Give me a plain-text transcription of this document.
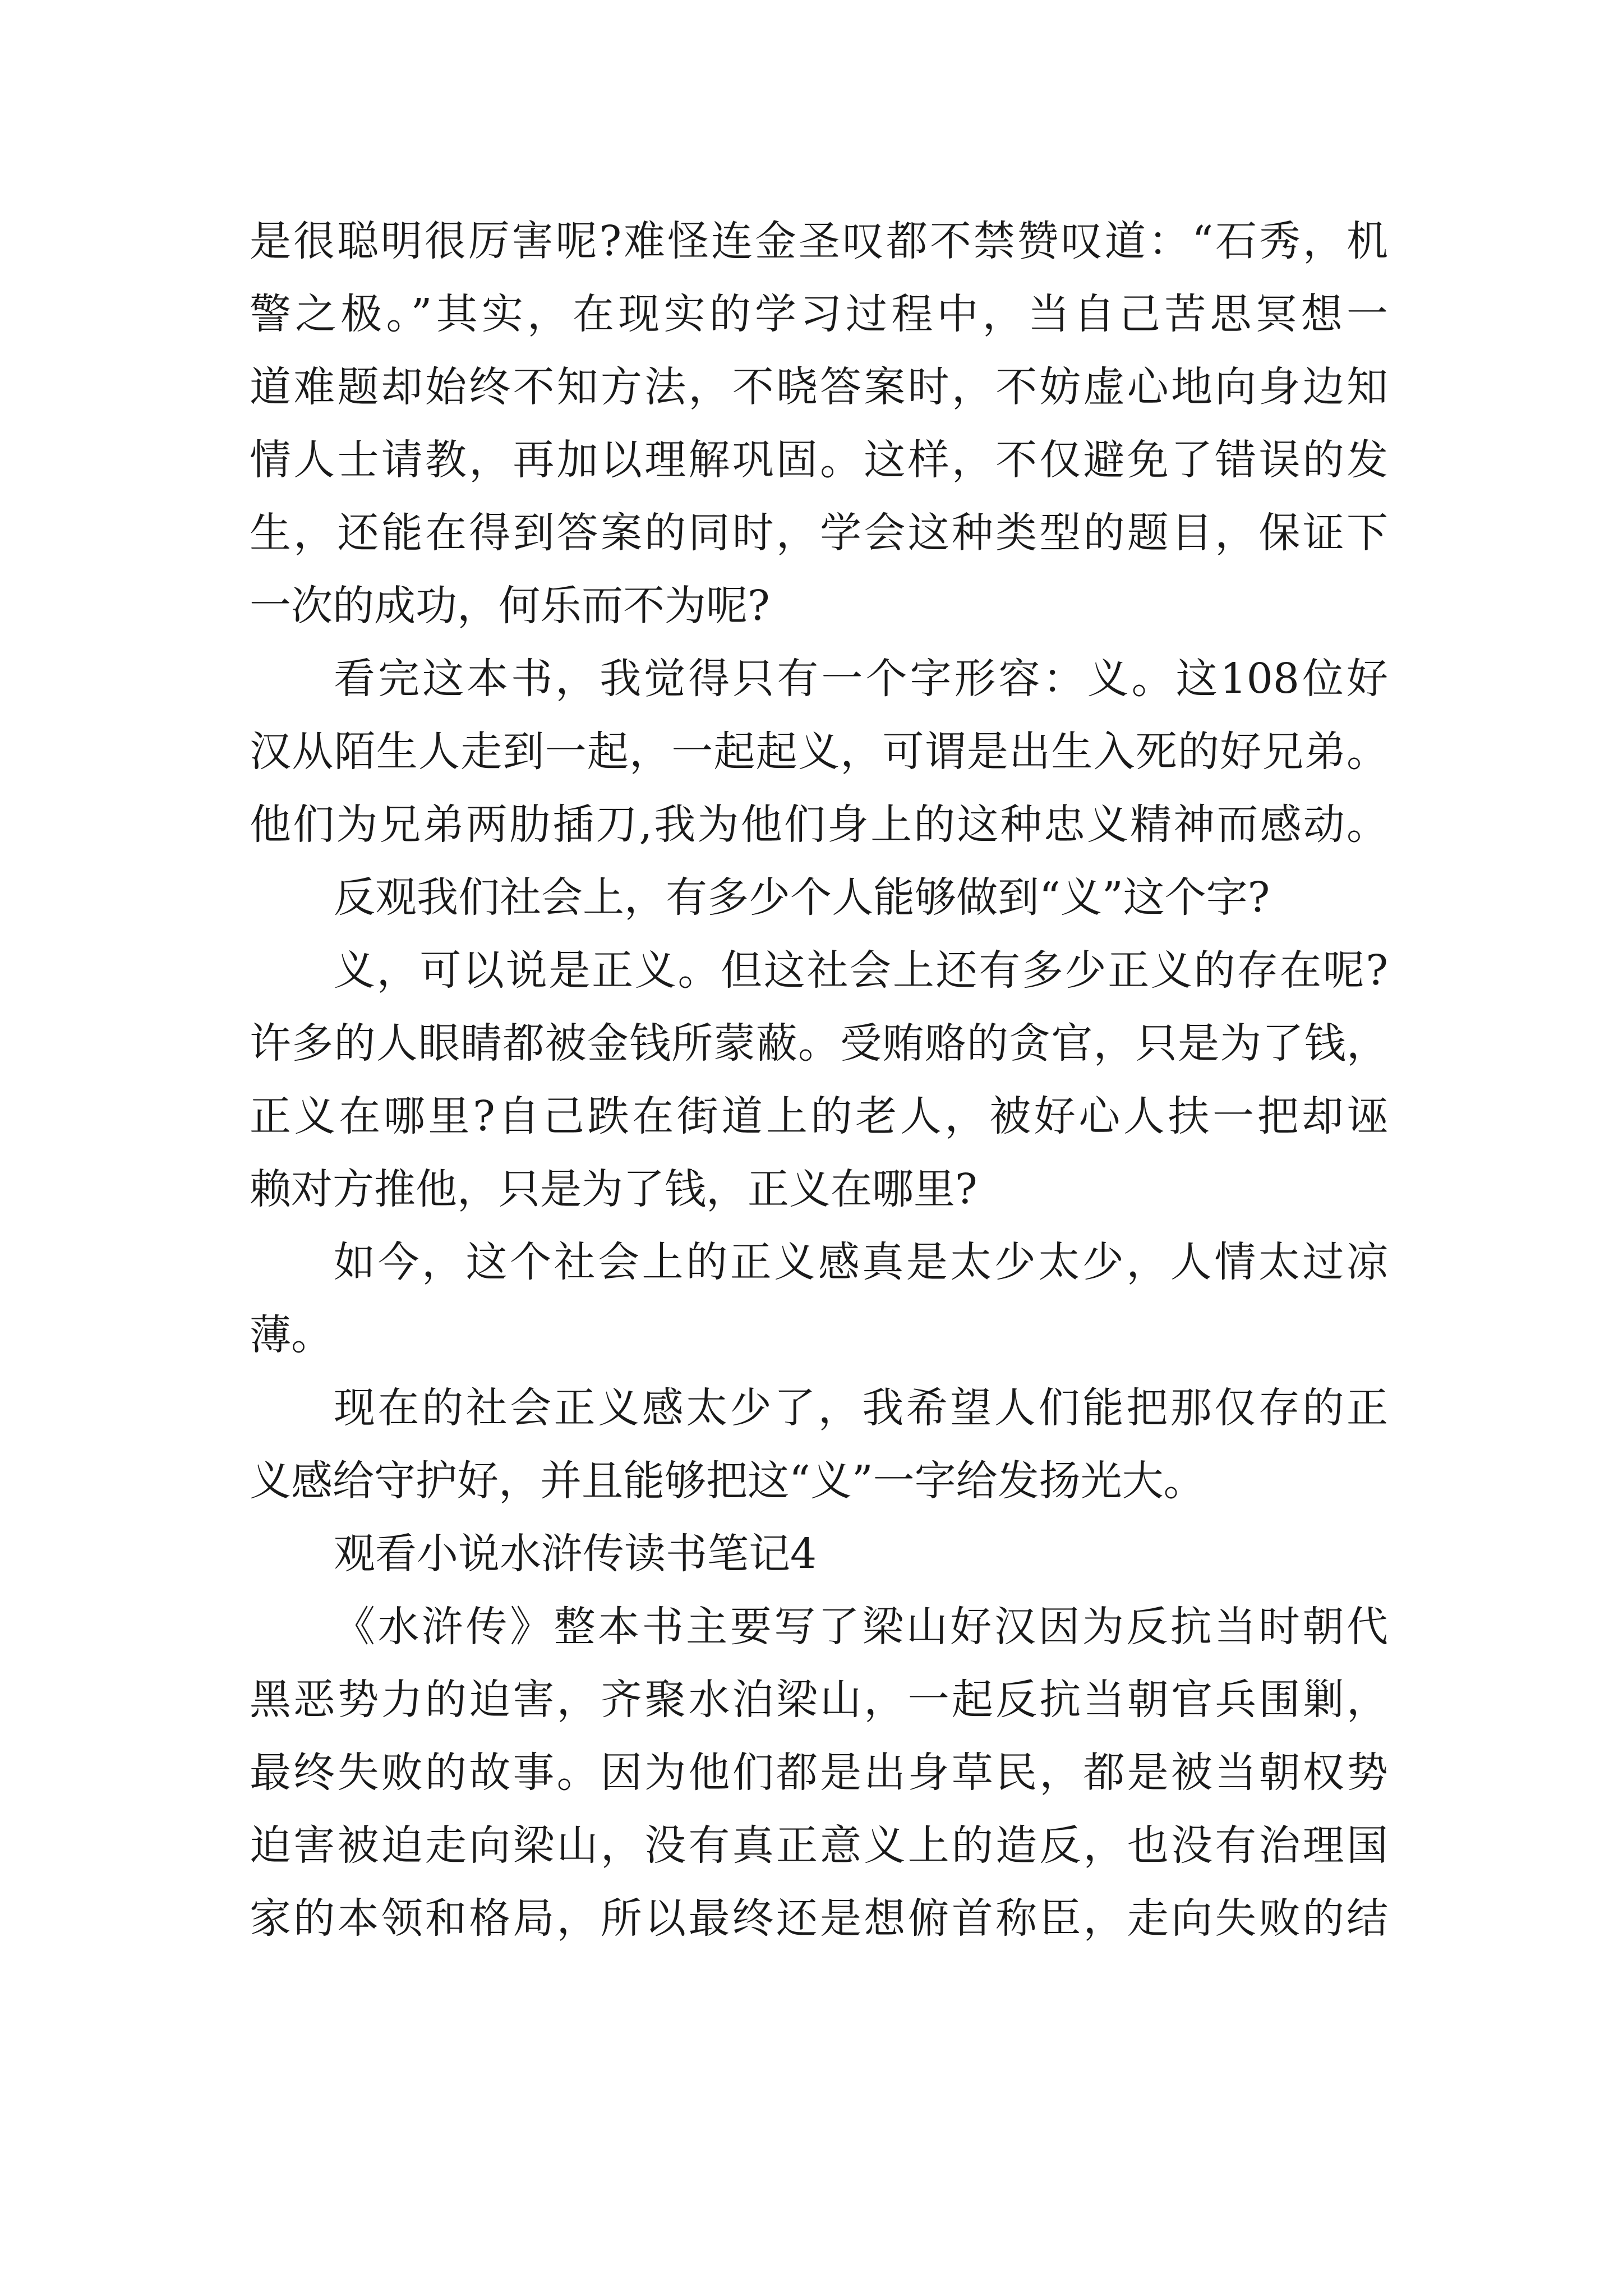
是很聪明很厉害呢?难怪连金圣叹都不禁赞叹道：“石秀，机
警之极。”其实，在现实的学习过程中，当自己苦思冥想一
道难题却始终不知方法，不晓答案时，不妨虚心地向身边知
情人士请教，再加以理解巩固。这样，不仅避免了错误的发
生，还能在得到答案的同时，学会这种类型的题目，保证下
一次的成功，何乐而不为呢?
看完这本书，我觉得只有一个字形容：义。这108位好
汉从陌生人走到一起，一起起义，可谓是出生入死的好兄弟。
他们为兄弟两肋插刀,我为他们身上的这种忠义精神而感动。
反观我们社会上，有多少个人能够做到“义”这个字?
义，可以说是正义。但这社会上还有多少正义的存在呢?
许多的人眼睛都被金钱所蒙蔽。受贿赂的贪官，只是为了钱，
正义在哪里?自己跌在街道上的老人，被好心人扶一把却诬
赖对方推他，只是为了钱，正义在哪里?
如今，这个社会上的正义感真是太少太少，人情太过凉
薄。
现在的社会正义感太少了，我希望人们能把那仅存的正
义感给守护好，并且能够把这“义”一字给发扬光大。
观看小说水浒传读书笔记4
《水浒传》整本书主要写了梁山好汉因为反抗当时朝代
黑恶势力的迫害，齐聚水泊梁山，一起反抗当朝官兵围剿，
最终失败的故事。因为他们都是出身草民，都是被当朝权势
迫害被迫走向梁山，没有真正意义上的造反，也没有治理国
家的本领和格局，所以最终还是想俯首称臣，走向失败的结
